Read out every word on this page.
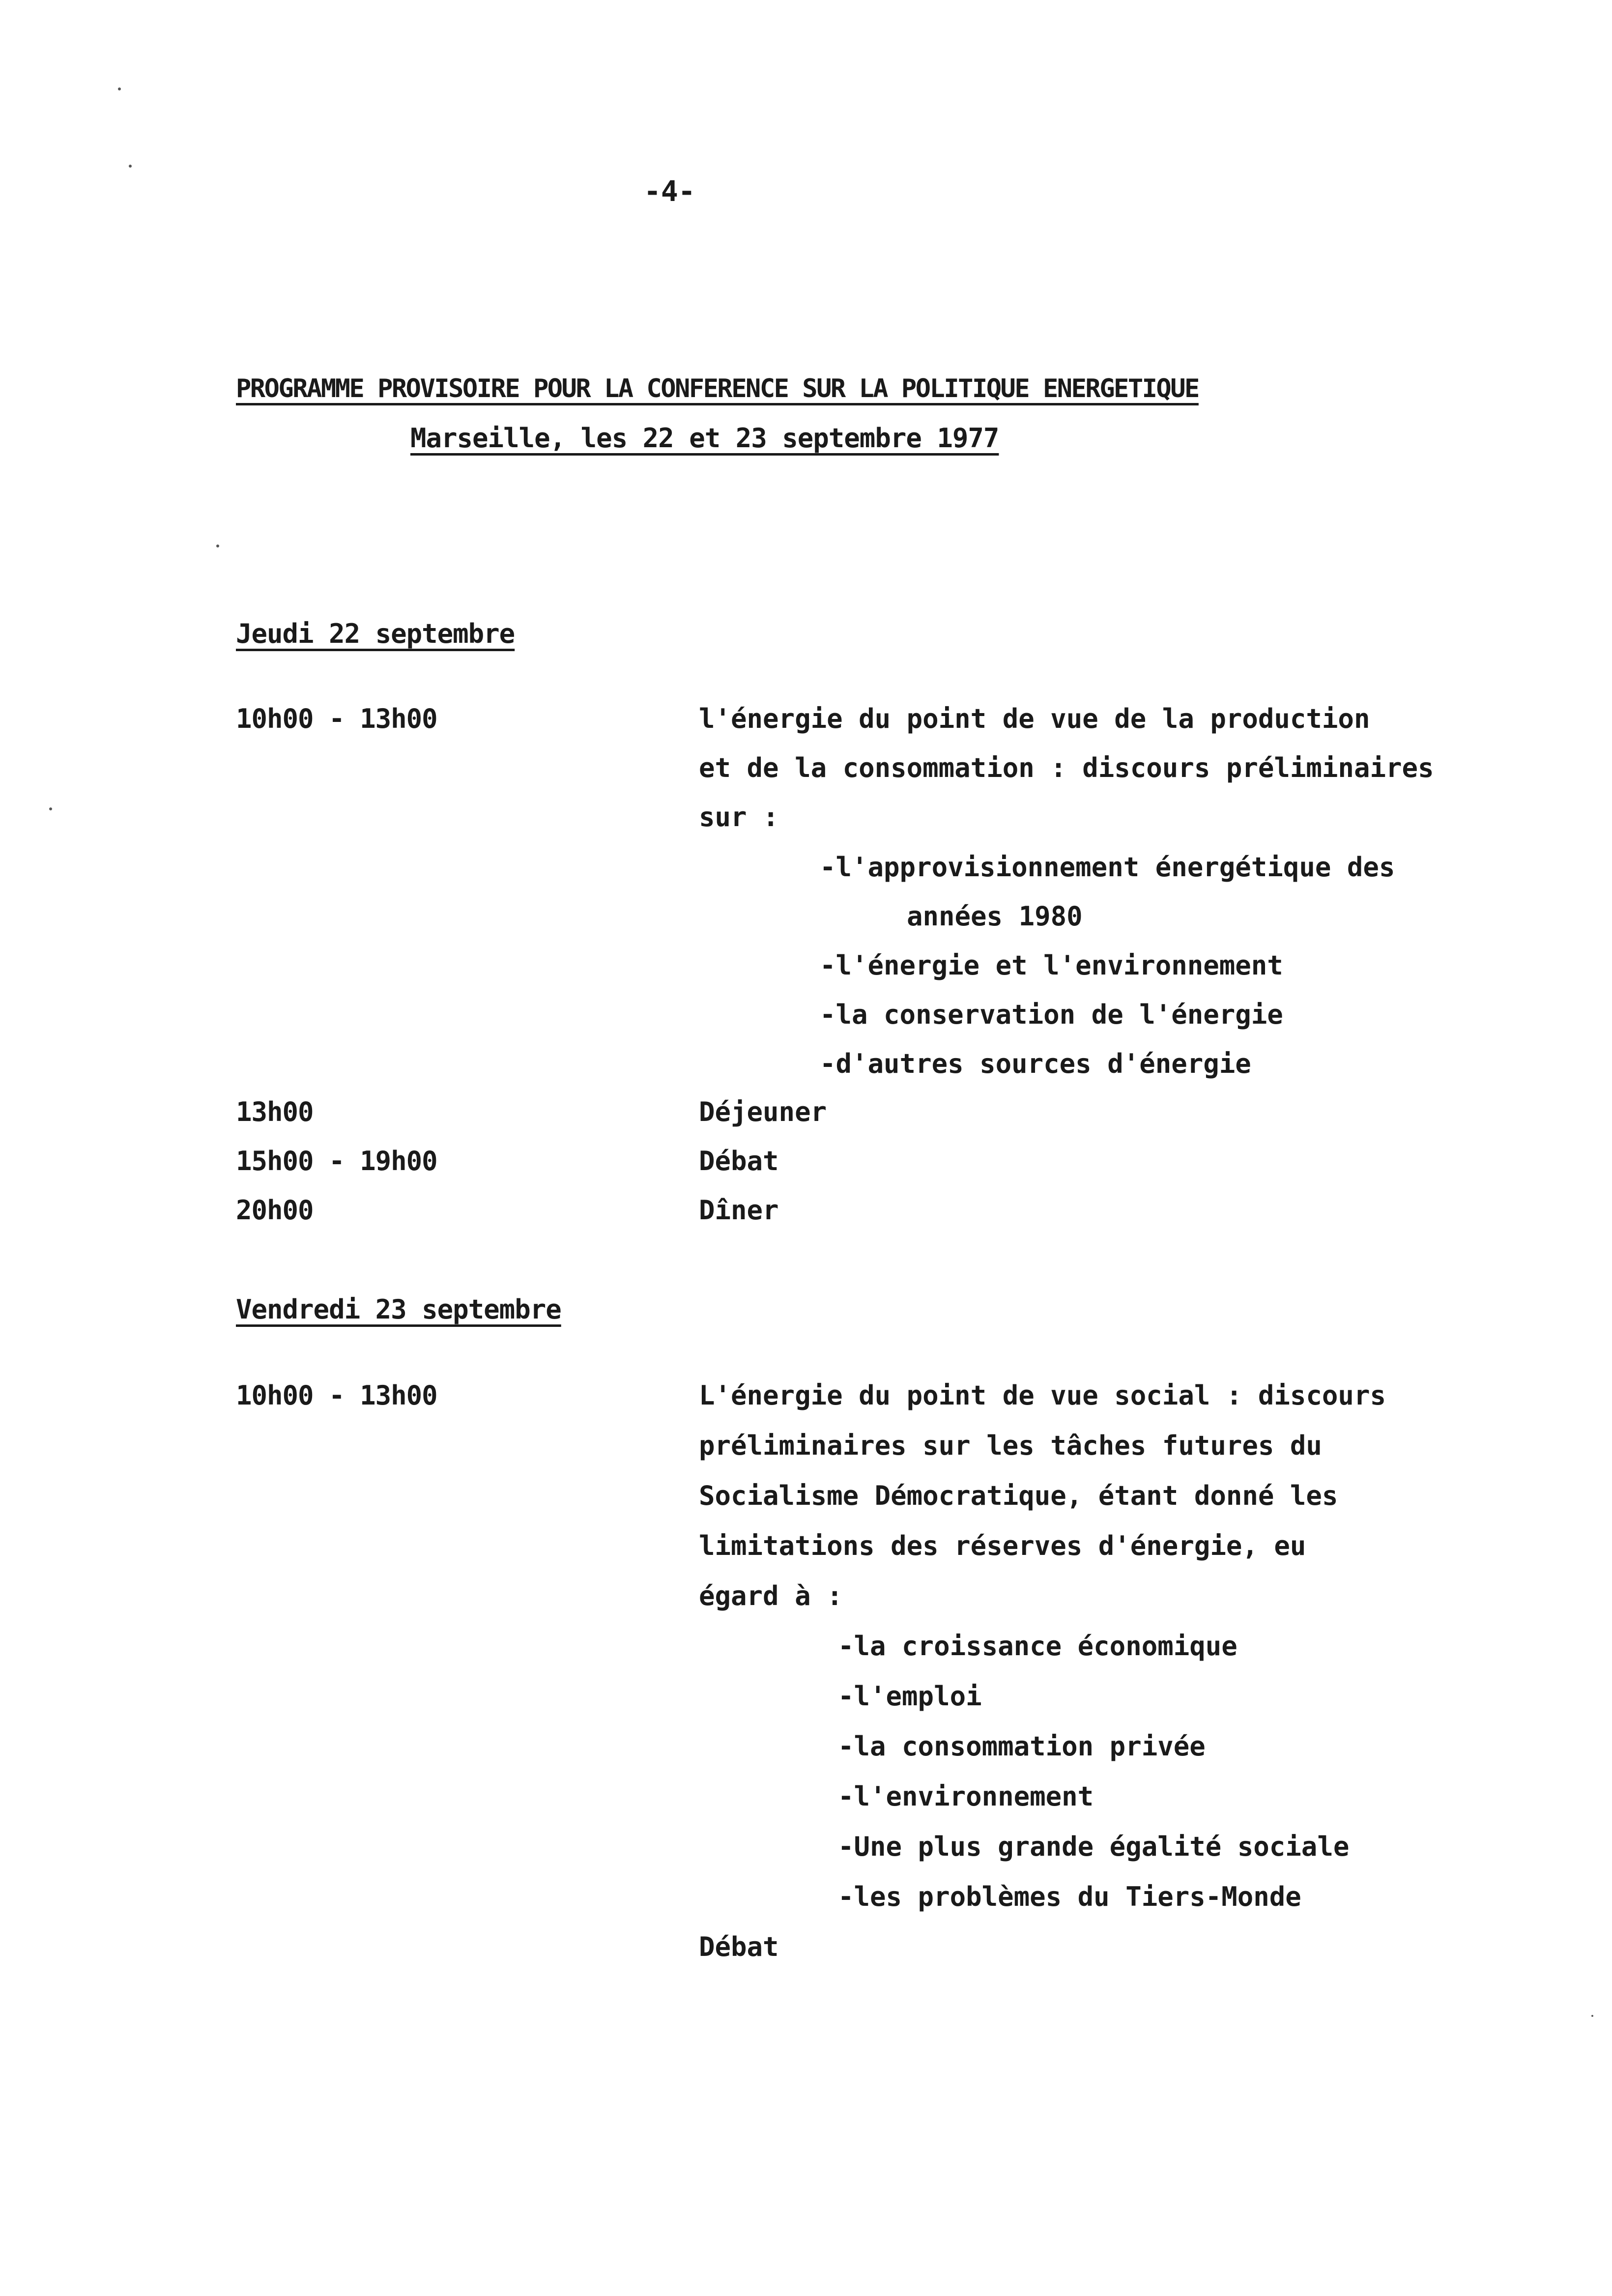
-4-
PROGRAMME PROVISOIRE POUR LA CONFERENCE SUR LA POLITIQUE ENERGETIQUE
Marseille, les 22 et 23 septembre 1977
Jeudi 22 septembre
10h00 - 13h00	l'énergie du point de vue de la production
et de la consommation : discours préliminaires
sur :
-l'approvisionnement énergétique des
années 1980
-l'énergie et l'environnement
-la conservation de l'énergie
-d'autres sources d'énergie
13h00	Déjeuner
15h00 - 19h00	Débat
20h00	Dîner
Vendredi 23 septembre
10h00 - 13h00	L'énergie du point de vue social : discours
préliminaires sur les tâches futures du
Socialisme Démocratique, étant donné les
limitations des réserves d'énergie, eu
égard à :
-la croissance économique
-l'emploi
-la consommation privée
-l'environnement
-Une plus grande égalité sociale
-les problèmes du Tiers-Monde
Débat
